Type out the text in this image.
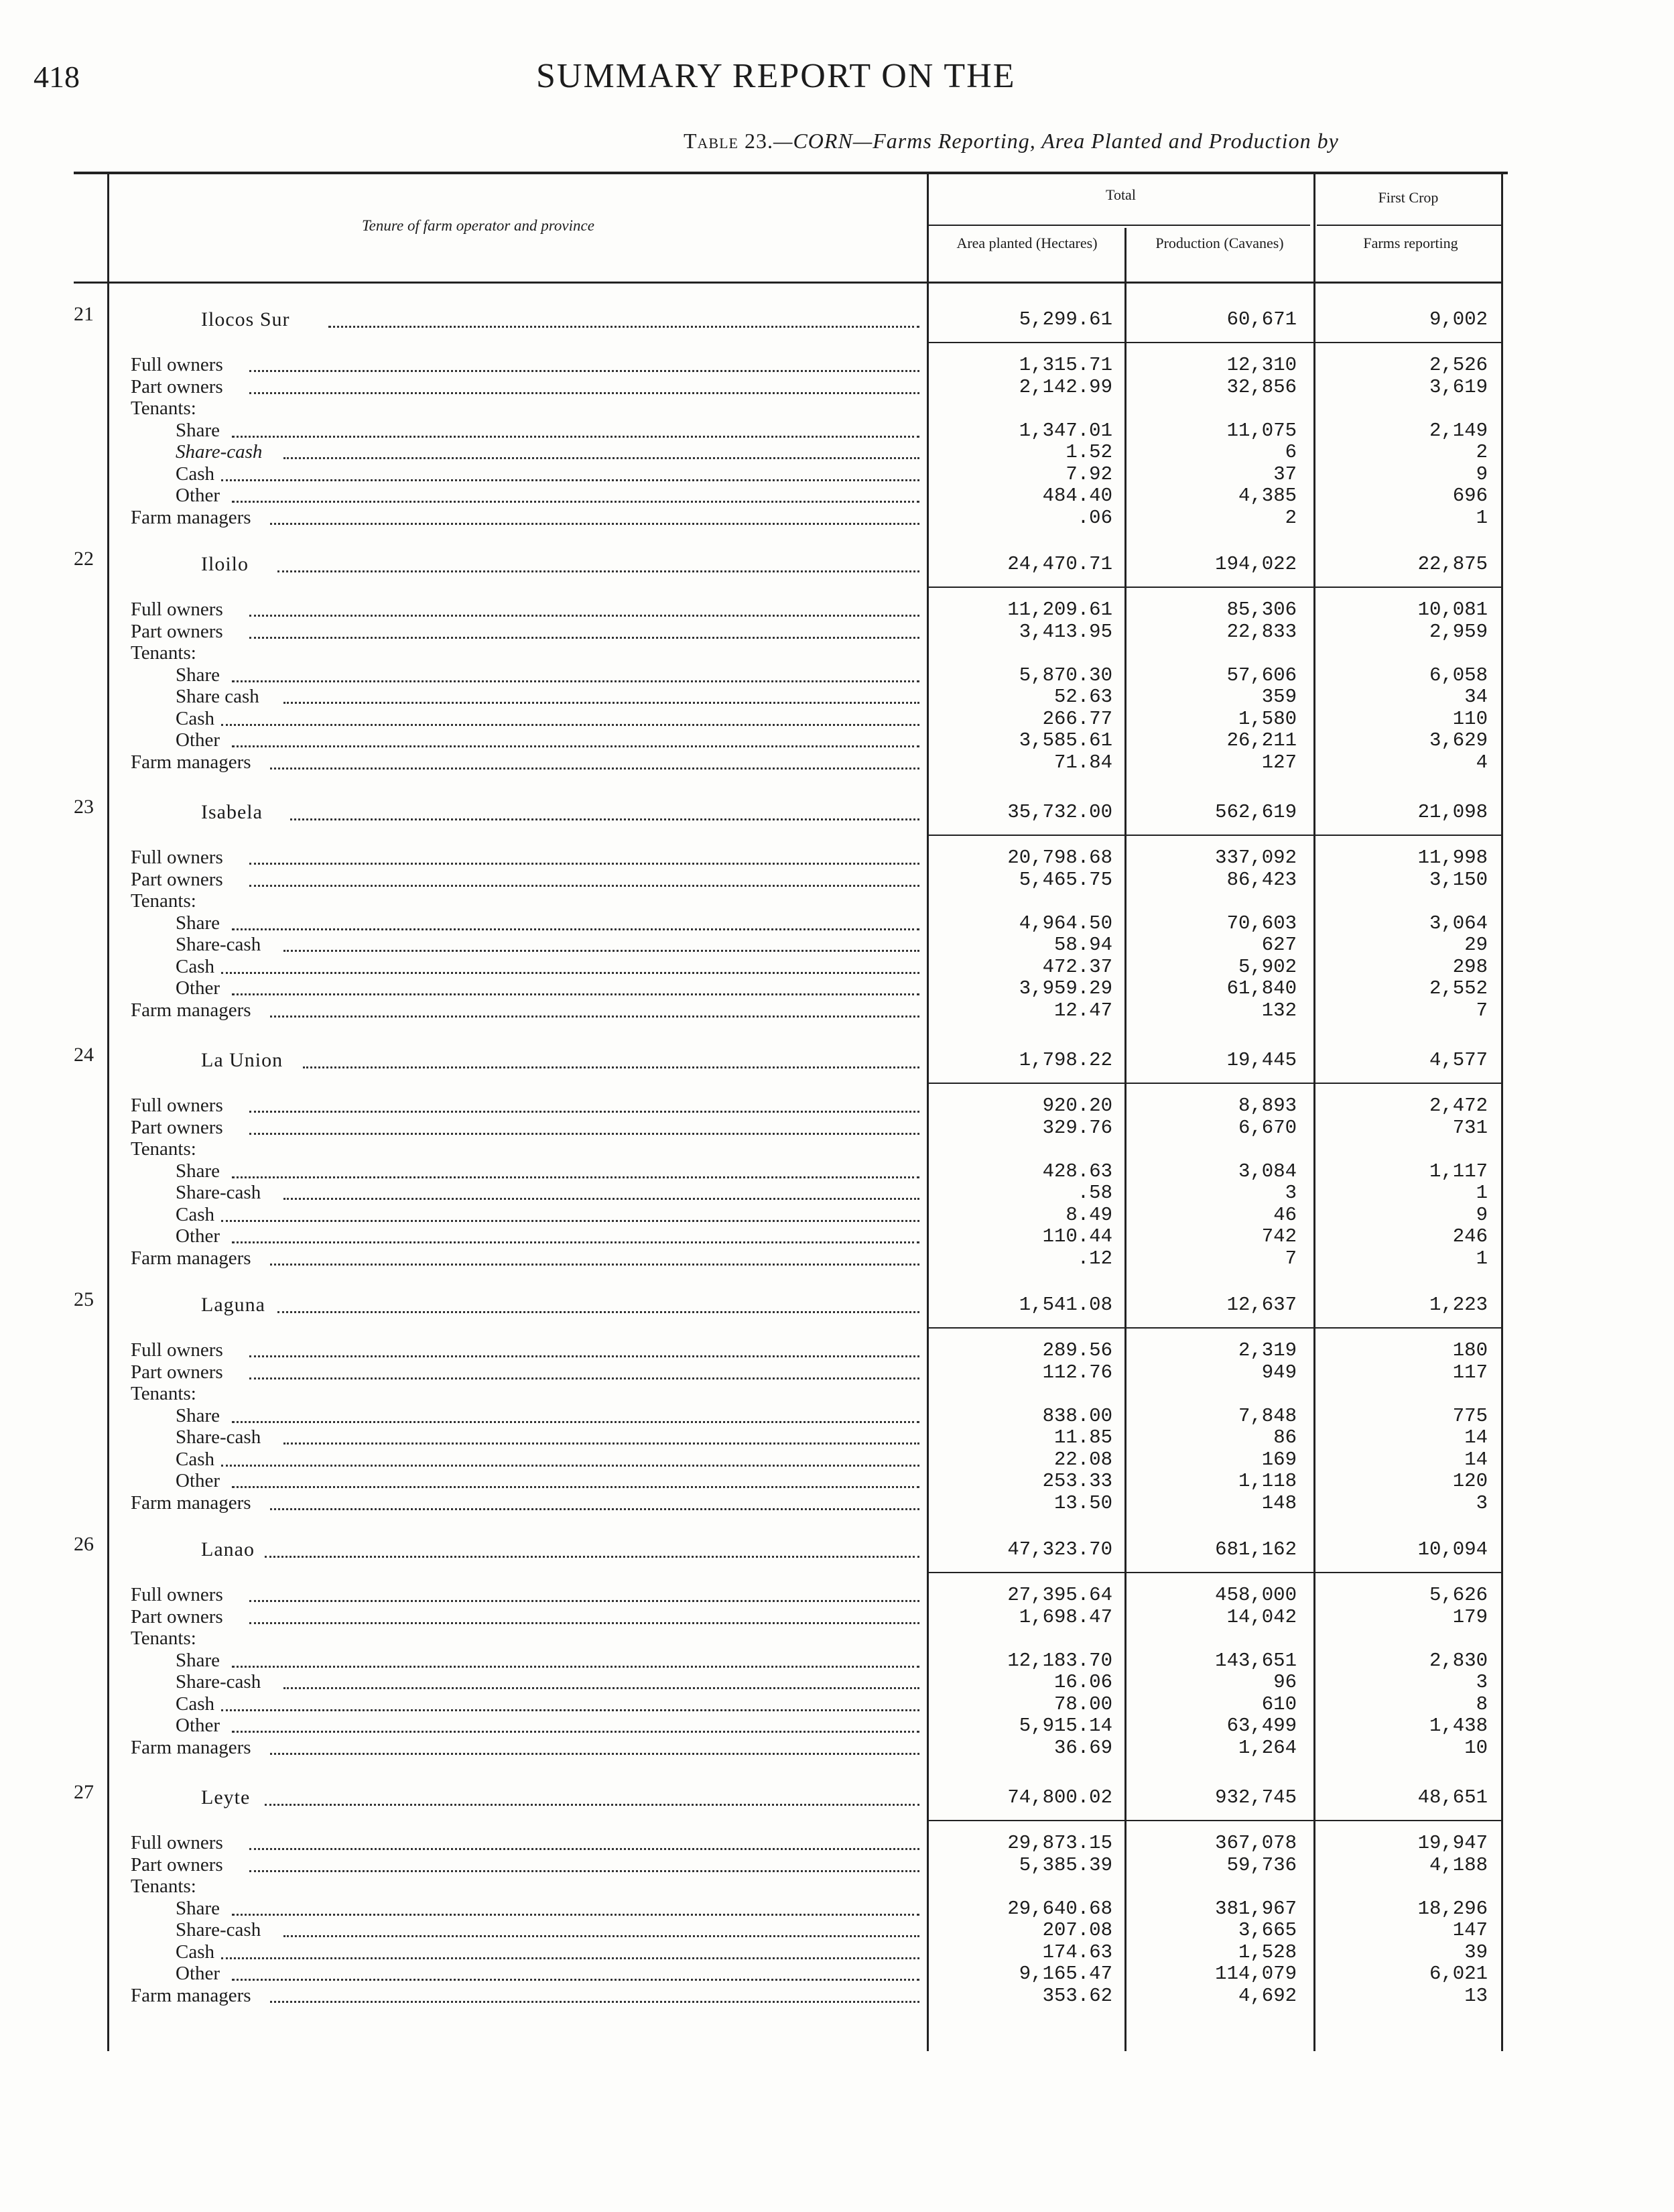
418	SUMMARY REPORT ON THE
Table 23.—CORN—Farms Reporting, Area Planted and Production by
Tenure of farm operator and province
Total	First Crop
Area planted (Hectares)	Production (Cavanes)	Farms reporting
21	Ilocos Sur	5,299.61	60,671	9,002
Full owners	1,315.71	12,310	2,526
Part owners	2,142.99	32,856	3,619
Tenants:
Share	1,347.01	11,075	2,149
Share-cash	1.52	6	2
Cash	7.92	37	9
Other	484.40	4,385	696
Farm managers	.06	2	1
22	Iloilo	24,470.71	194,022	22,875
Full owners	11,209.61	85,306	10,081
Part owners	3,413.95	22,833	2,959
Tenants:
Share	5,870.30	57,606	6,058
Share cash	52.63	359	34
Cash	266.77	1,580	110
Other	3,585.61	26,211	3,629
Farm managers	71.84	127	4
23	Isabela	35,732.00	562,619	21,098
Full owners	20,798.68	337,092	11,998
Part owners	5,465.75	86,423	3,150
Tenants:
Share	4,964.50	70,603	3,064
Share-cash	58.94	627	29
Cash	472.37	5,902	298
Other	3,959.29	61,840	2,552
Farm managers	12.47	132	7
24	La Union	1,798.22	19,445	4,577
Full owners	920.20	8,893	2,472
Part owners	329.76	6,670	731
Tenants:
Share	428.63	3,084	1,117
Share-cash	.58	3	1
Cash	8.49	46	9
Other	110.44	742	246
Farm managers	.12	7	1
25	Laguna	1,541.08	12,637	1,223
Full owners	289.56	2,319	180
Part owners	112.76	949	117
Tenants:
Share	838.00	7,848	775
Share-cash	11.85	86	14
Cash	22.08	169	14
Other	253.33	1,118	120
Farm managers	13.50	148	3
26	Lanao	47,323.70	681,162	10,094
Full owners	27,395.64	458,000	5,626
Part owners	1,698.47	14,042	179
Tenants:
Share	12,183.70	143,651	2,830
Share-cash	16.06	96	3
Cash	78.00	610	8
Other	5,915.14	63,499	1,438
Farm managers	36.69	1,264	10
27	Leyte	74,800.02	932,745	48,651
Full owners	29,873.15	367,078	19,947
Part owners	5,385.39	59,736	4,188
Tenants:
Share	29,640.68	381,967	18,296
Share-cash	207.08	3,665	147
Cash	174.63	1,528	39
Other	9,165.47	114,079	6,021
Farm managers	353.62	4,692	13
